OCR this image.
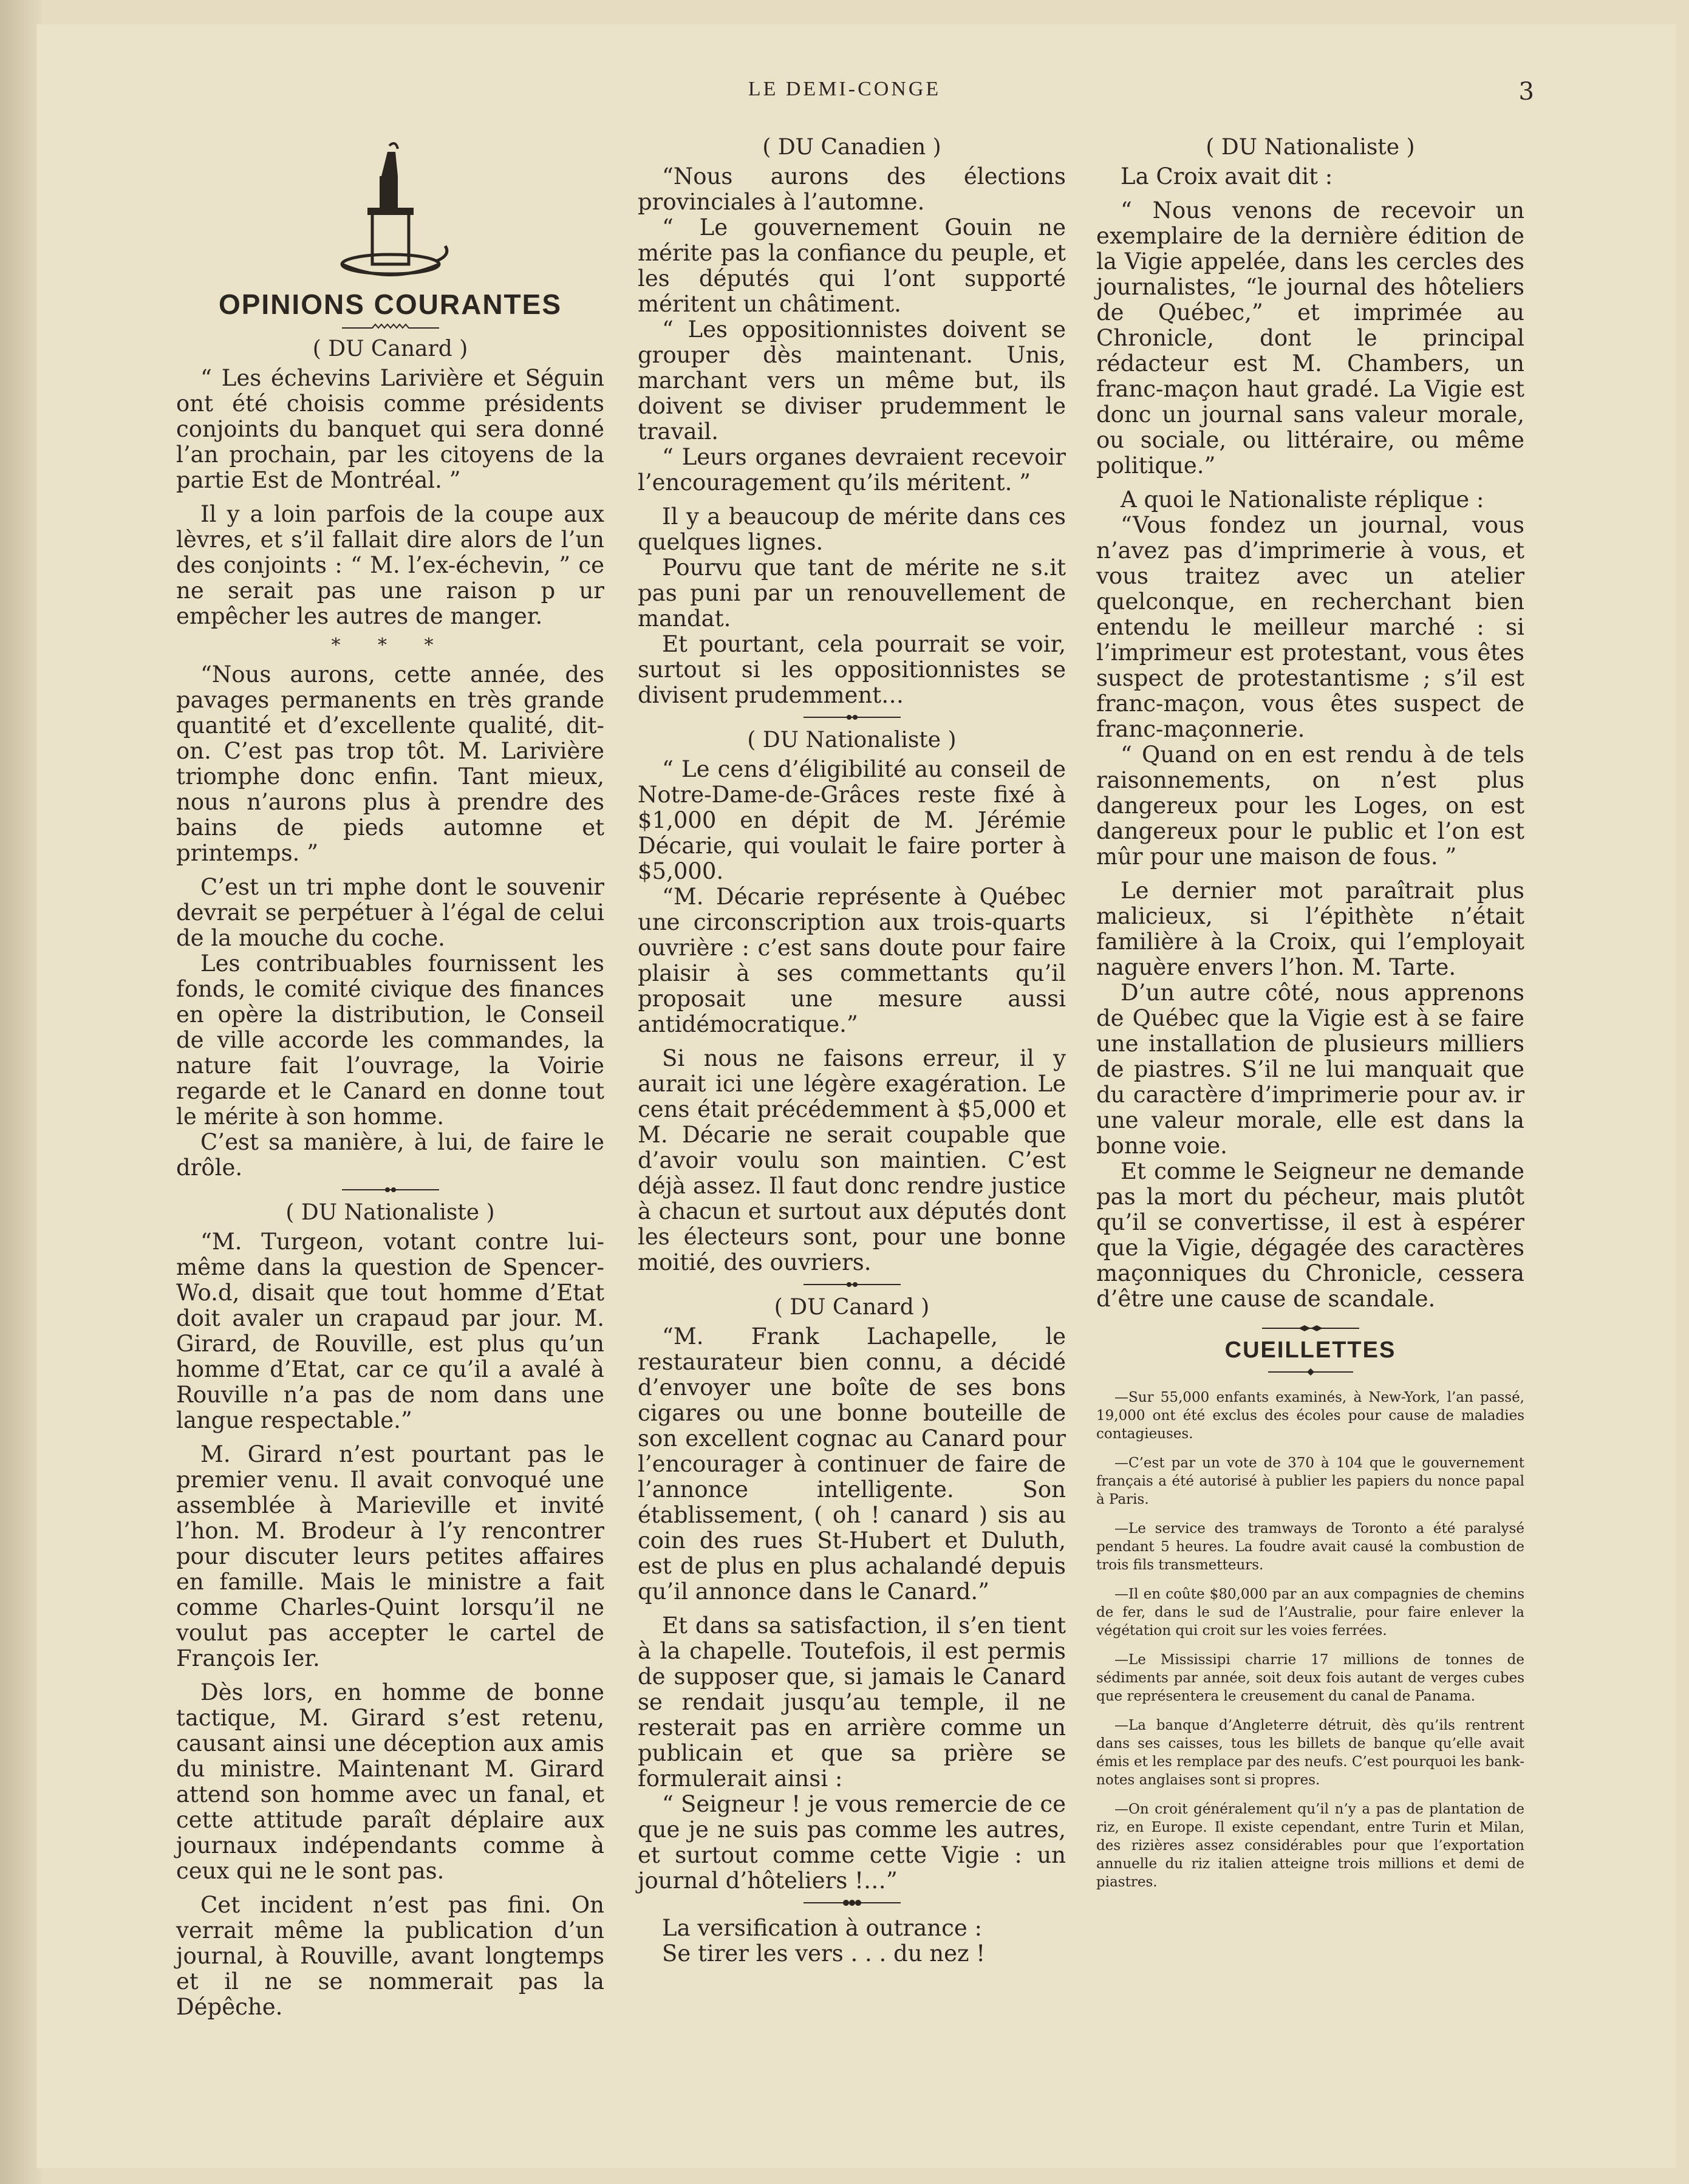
LE DEMI-CONGE	3
OPINIONS COURANTES
( DU Canard )

“ Les échevins Larivière et Séguin ont été choisis comme présidents conjoints du banquet qui sera donné l’an prochain, par les citoyens de la partie Est de Montréal. ”

Il y a loin parfois de la coupe aux lèvres, et s’il fallait dire alors de l’un des conjoints : “ M. l’ex-échevin, ” ce ne serait pas une raison p ur empêcher les autres de manger.

* * *

“Nous aurons, cette année, des pavages permanents en très grande quantité et d’excellente qualité, dit-on. C’est pas trop tôt. M. Larivière triomphe donc enfin. Tant mieux, nous n’aurons plus à prendre des bains de pieds automne et printemps. ”

C’est un tri mphe dont le souvenir devrait se perpétuer à l’égal de celui de la mouche du coche.

Les contribuables fournissent les fonds, le comité civique des finances en opère la distribution, le Conseil de ville accorde les commandes, la nature fait l’ouvrage, la Voirie regarde et le Canard en donne tout le mérite à son homme.

C’est sa manière, à lui, de faire le drôle.

( DU Nationaliste )

“M. Turgeon, votant contre lui-même dans la question de Spencer-Wo.d, disait que tout homme d’Etat doit avaler un crapaud par jour. M. Girard, de Rouville, est plus qu’un homme d’Etat, car ce qu’il a avalé à Rouville n’a pas de nom dans une langue respectable.”

M. Girard n’est pourtant pas le premier venu. Il avait convoqué une assemblée à Marieville et invité l’hon. M. Brodeur à l’y rencontrer pour discuter leurs petites affaires en famille. Mais le ministre a fait comme Charles-Quint lorsqu’il ne voulut pas accepter le cartel de François Ier.

Dès lors, en homme de bonne tactique, M. Girard s’est retenu, causant ainsi une déception aux amis du ministre. Maintenant M. Girard attend son homme avec un fanal, et cette attitude paraît déplaire aux journaux indépendants comme à ceux qui ne le sont pas.

Cet incident n’est pas fini. On verrait même la publication d’un journal, à Rouville, avant longtemps et il ne se nommerait pas la Dépêche.

( DU Canadien )

“Nous aurons des élections provinciales à l’automne.

“ Le gouvernement Gouin ne mérite pas la confiance du peuple, et les députés qui l’ont supporté méritent un châtiment.

“ Les oppositionnistes doivent se grouper dès maintenant. Unis, marchant vers un même but, ils doivent se diviser prudemment le travail.

“ Leurs organes devraient recevoir l’encouragement qu’ils méritent. ”

Il y a beaucoup de mérite dans ces quelques lignes.

Pourvu que tant de mérite ne s.it pas puni par un renouvellement de mandat.

Et pourtant, cela pourrait se voir, surtout si les oppositionnistes se divisent prudemment…

( DU Nationaliste )

“ Le cens d’éligibilité au conseil de Notre-Dame-de-Grâces reste fixé à $1,000 en dépit de M. Jérémie Décarie, qui voulait le faire porter à $5,000.

“M. Décarie représente à Québec une circonscription aux trois-quarts ouvrière : c’est sans doute pour faire plaisir à ses commettants qu’il proposait une mesure aussi antidémocratique.”

Si nous ne faisons erreur, il y aurait ici une légère exagération. Le cens était précédemment à $5,000 et M. Décarie ne serait coupable que d’avoir voulu son maintien. C’est déjà assez. Il faut donc rendre justice à chacun et surtout aux députés dont les électeurs sont, pour une bonne moitié, des ouvriers.

( DU Canard )

“M. Frank Lachapelle, le restaurateur bien connu, a décidé d’envoyer une boîte de ses bons cigares ou une bonne bouteille de son excellent cognac au Canard pour l’encourager à continuer de faire de l’annonce intelligente. Son établissement, ( oh ! canard ) sis au coin des rues St-Hubert et Duluth, est de plus en plus achalandé depuis qu’il annonce dans le Canard.”

Et dans sa satisfaction, il s’en tient à la chapelle. Toutefois, il est permis de supposer que, si jamais le Canard se rendait jusqu’au temple, il ne resterait pas en arrière comme un publicain et que sa prière se formulerait ainsi :

“ Seigneur ! je vous remercie de ce que je ne suis pas comme les autres, et surtout comme cette Vigie : un journal d’hôteliers !…”

La versification à outrance :

Se tirer les vers . . . du nez !

( DU Nationaliste )

La Croix avait dit :

“ Nous venons de recevoir un exemplaire de la dernière édition de la Vigie appelée, dans les cercles des journalistes, “le journal des hôteliers de Québec,” et imprimée au Chronicle, dont le principal rédacteur est M. Chambers, un franc-maçon haut gradé. La Vigie est donc un journal sans valeur morale, ou sociale, ou littéraire, ou même politique.”

A quoi le Nationaliste réplique :

“Vous fondez un journal, vous n’avez pas d’imprimerie à vous, et vous traitez avec un atelier quelconque, en recherchant bien entendu le meilleur marché : si l’imprimeur est protestant, vous êtes suspect de protestantisme ; s’il est franc-maçon, vous êtes suspect de franc-maçonnerie.

“ Quand on en est rendu à de tels raisonnements, on n’est plus dangereux pour les Loges, on est dangereux pour le public et l’on est mûr pour une maison de fous. ”

Le dernier mot paraîtrait plus malicieux, si l’épithète n’était familière à la Croix, qui l’employait naguère envers l’hon. M. Tarte.

D’un autre côté, nous apprenons de Québec que la Vigie est à se faire une installation de plusieurs milliers de piastres. S’il ne lui manquait que du caractère d’imprimerie pour av. ir une valeur morale, elle est dans la bonne voie.

Et comme le Seigneur ne demande pas la mort du pécheur, mais plutôt qu’il se convertisse, il est à espérer que la Vigie, dégagée des caractères maçonniques du Chronicle, cessera d’être une cause de scandale.

CUEILLETTES

—Sur 55,000 enfants examinés, à New-York, l’an passé, 19,000 ont été exclus des écoles pour cause de maladies contagieuses.

—C’est par un vote de 370 à 104 que le gouvernement français a été autorisé à publier les papiers du nonce papal à Paris.

—Le service des tramways de Toronto a été paralysé pendant 5 heures. La foudre avait causé la combustion de trois fils transmetteurs.

—Il en coûte $80,000 par an aux compagnies de chemins de fer, dans le sud de l’Australie, pour faire enlever la végétation qui croit sur les voies ferrées.

—Le Mississipi charrie 17 millions de tonnes de sédiments par année, soit deux fois autant de verges cubes que représentera le creusement du canal de Panama.

—La banque d’Angleterre détruit, dès qu’ils rentrent dans ses caisses, tous les billets de banque qu’elle avait émis et les remplace par des neufs. C’est pourquoi les bank-notes anglaises sont si propres.

—On croit généralement qu’il n’y a pas de plantation de riz, en Europe. Il existe cependant, entre Turin et Milan, des rizières assez considérables pour que l’exportation annuelle du riz italien atteigne trois millions et demi de piastres.
